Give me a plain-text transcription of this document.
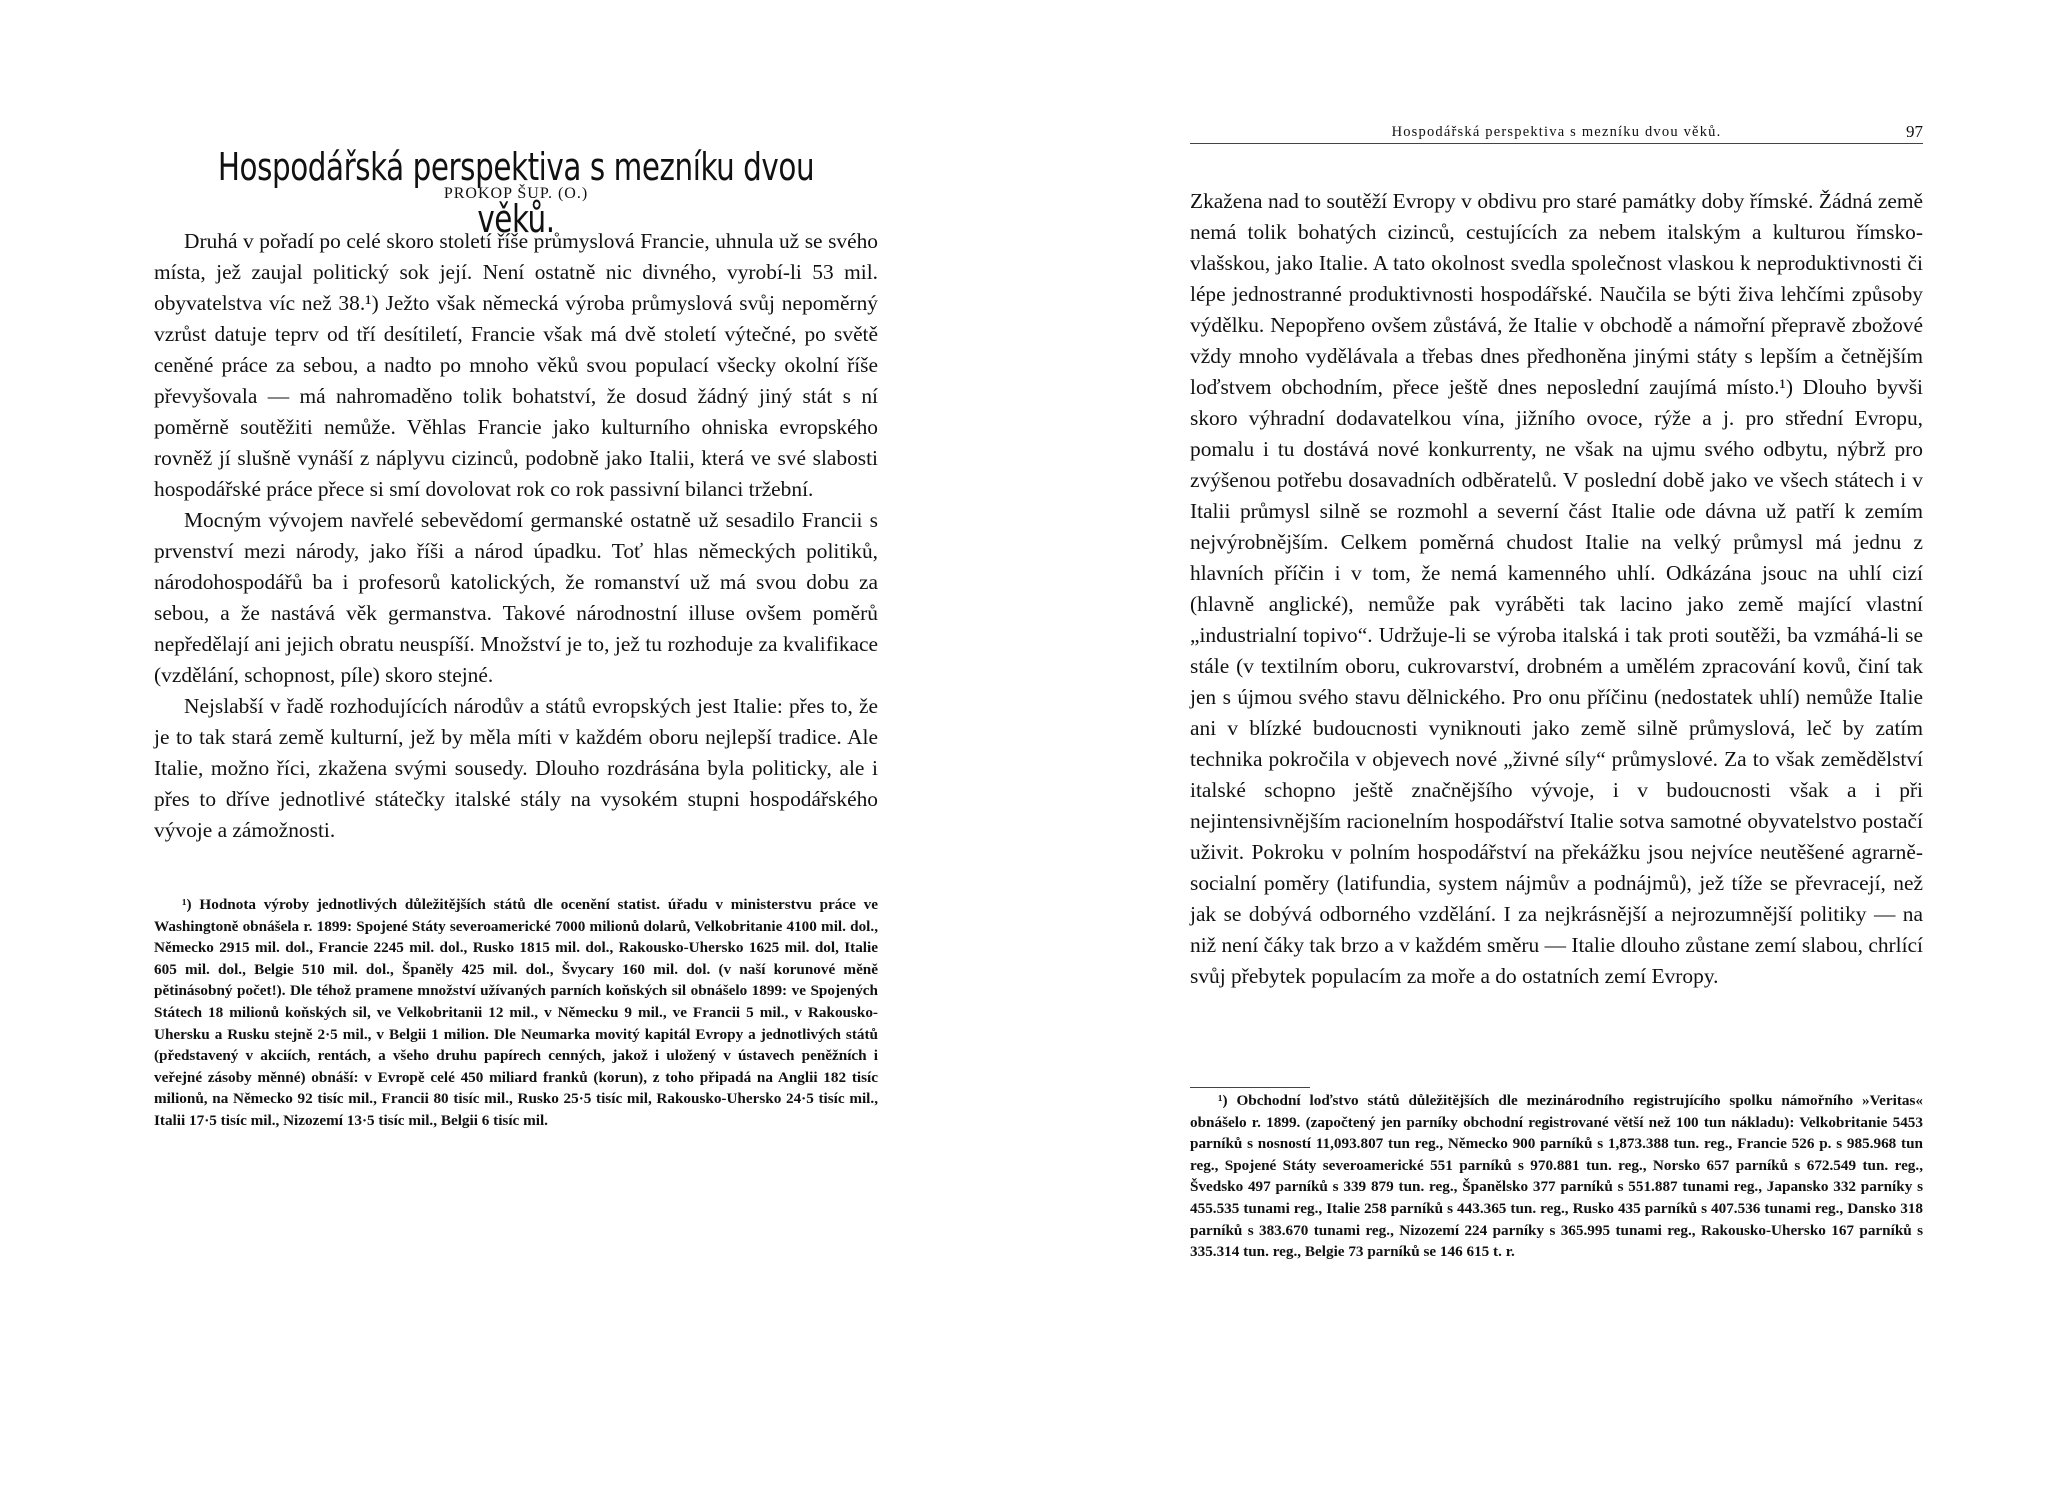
Hospodářská perspektiva s mezníku dvou věků.
PROKOP ŠUP. (O.)

Druhá v pořadí po celé skoro století říše průmyslová Francie, uhnula už se svého místa, jež zaujal politický sok její. Není ostatně nic divného, vyrobí-li 53 mil. obyvatelstva víc než 38.¹) Ježto však německá výroba průmyslová svůj nepoměrný vzrůst datuje teprv od tří desítiletí, Francie však má dvě století výtečné, po světě ceněné práce za sebou, a nadto po mnoho věků svou populací všecky okolní říše převyšovala — má nahromaděno tolik bohatství, že dosud žádný jiný stát s ní poměrně soutěžiti nemůže. Věhlas Francie jako kulturního ohniska evropského rovněž jí slušně vynáší z náplyvu cizinců, podobně jako Italii, která ve své slabosti hospodářské práce přece si smí dovolovat rok co rok passivní bilanci tržební.

Mocným vývojem navřelé sebevědomí germanské ostatně už sesadilo Francii s prvenství mezi národy, jako říši a národ úpadku. Toť hlas německých politiků, národohospodářů ba i profesorů katolických, že romanství už má svou dobu za sebou, a že nastává věk germanstva. Takové národnostní illuse ovšem poměrů nepředělají ani jejich obratu neuspíší. Množství je to, jež tu rozhoduje za kvalifikace (vzdělání, schopnost, píle) skoro stejné.

Nejslabší v řadě rozhodujících národův a států evropských jest Italie: přes to, že je to tak stará země kulturní, jež by měla míti v každém oboru nejlepší tradice. Ale Italie, možno říci, zkažena svými sousedy. Dlouho rozdrásána byla politicky, ale i přes to dříve jednotlivé státečky italské stály na vysokém stupni hospodářského vývoje a zámožnosti.

¹) Hodnota výroby jednotlivých důležitějších států dle ocenění statist. úřadu v ministerstvu práce ve Washingtoně obnášela r. 1899: Spojené Státy severoamerické 7000 milionů dolarů, Velkobritanie 4100 mil. dol., Německo 2915 mil. dol., Francie 2245 mil. dol., Rusko 1815 mil. dol., Rakousko-Uhersko 1625 mil. dol, Italie 605 mil. dol., Belgie 510 mil. dol., Španěly 425 mil. dol., Švycary 160 mil. dol. (v naší korunové měně pětinásobný počet!). Dle téhož pramene množství užívaných parních koňských sil obnášelo 1899: ve Spojených Státech 18 milionů koňských sil, ve Velkobritanii 12 mil., v Německu 9 mil., ve Francii 5 mil., v Rakousko-Uhersku a Rusku stejně 2·5 mil., v Belgii 1 milion. Dle Neumarka movitý kapitál Evropy a jednotlivých států (představený v akciích, rentách, a všeho druhu papírech cenných, jakož i uložený v ústavech peněžních i veřejné zásoby měnné) obnáší: v Evropě celé 450 miliard franků (korun), z toho připadá na Anglii 182 tisíc milionů, na Německo 92 tisíc mil., Francii 80 tisíc mil., Rusko 25·5 tisíc mil, Rakousko-Uhersko 24·5 tisíc mil., Italii 17·5 tisíc mil., Nizozemí 13·5 tisíc mil., Belgii 6 tisíc mil.

Hospodářská perspektiva s mezníku dvou věků.	97

Zkažena nad to soutěží Evropy v obdivu pro staré památky doby římské. Žádná země nemá tolik bohatých cizinců, cestujících za nebem italským a kulturou římsko-vlašskou, jako Italie. A tato okolnost svedla společnost vlaskou k neproduktivnosti či lépe jednostranné produktivnosti hospodářské. Naučila se býti živa lehčími způsoby výdělku. Nepopřeno ovšem zůstává, že Italie v obchodě a námořní přepravě zbožové vždy mnoho vydělávala a třebas dnes předhoněna jinými státy s lepším a četnějším loďstvem obchodním, přece ještě dnes neposlední zaujímá místo.¹) Dlouho byvši skoro výhradní dodavatelkou vína, jižního ovoce, rýže a j. pro střední Evropu, pomalu i tu dostává nové konkurrenty, ne však na ujmu svého odbytu, nýbrž pro zvýšenou potřebu dosavadních odběratelů. V poslední době jako ve všech státech i v Italii průmysl silně se rozmohl a severní část Italie ode dávna už patří k zemím nejvýrobnějším. Celkem poměrná chudost Italie na velký průmysl má jednu z hlavních příčin i v tom, že nemá kamenného uhlí. Odkázána jsouc na uhlí cizí (hlavně anglické), nemůže pak vyráběti tak lacino jako země mající vlastní „industrialní topivo“. Udržuje-li se výroba italská i tak proti soutěži, ba vzmáhá-li se stále (v textilním oboru, cukrovarství, drobném a umělém zpracování kovů, činí tak jen s újmou svého stavu dělnického. Pro onu příčinu (nedostatek uhlí) nemůže Italie ani v blízké budoucnosti vyniknouti jako země silně průmyslová, leč by zatím technika pokročila v objevech nové „živné síly“ průmyslové. Za to však zemědělství italské schopno ještě značnějšího vývoje, i v budoucnosti však a i při nejintensivnějším racionelním hospodářství Italie sotva samotné obyvatelstvo postačí uživit. Pokroku v polním hospodářství na překážku jsou nejvíce neutěšené agrarně-socialní poměry (latifundia, system nájmův a podnájmů), jež tíže se převracejí, než jak se dobývá odborného vzdělání. I za nejkrásnější a nejrozumnější politiky — na niž není čáky tak brzo a v každém směru — Italie dlouho zůstane zemí slabou, chrlící svůj přebytek populacím za moře a do ostatních zemí Evropy.

¹) Obchodní loďstvo států důležitějších dle mezinárodního registrujícího spolku námořního »Veritas« obnášelo r. 1899. (započtený jen parníky obchodní registrované větší než 100 tun nákladu): Velkobritanie 5453 parníků s nosností 11,093.807 tun reg., Německo 900 parníků s 1,873.388 tun. reg., Francie 526 p. s 985.968 tun reg., Spojené Státy severoamerické 551 parníků s 970.881 tun. reg., Norsko 657 parníků s 672.549 tun. reg., Švedsko 497 parníků s 339 879 tun. reg., Španělsko 377 parníků s 551.887 tunami reg., Japansko 332 parníky s 455.535 tunami reg., Italie 258 parníků s 443.365 tun. reg., Rusko 435 parníků s 407.536 tunami reg., Dansko 318 parníků s 383.670 tunami reg., Nizozemí 224 parníky s 365.995 tunami reg., Rakousko-Uhersko 167 parníků s 335.314 tun. reg., Belgie 73 parníků se 146 615 t. r.
